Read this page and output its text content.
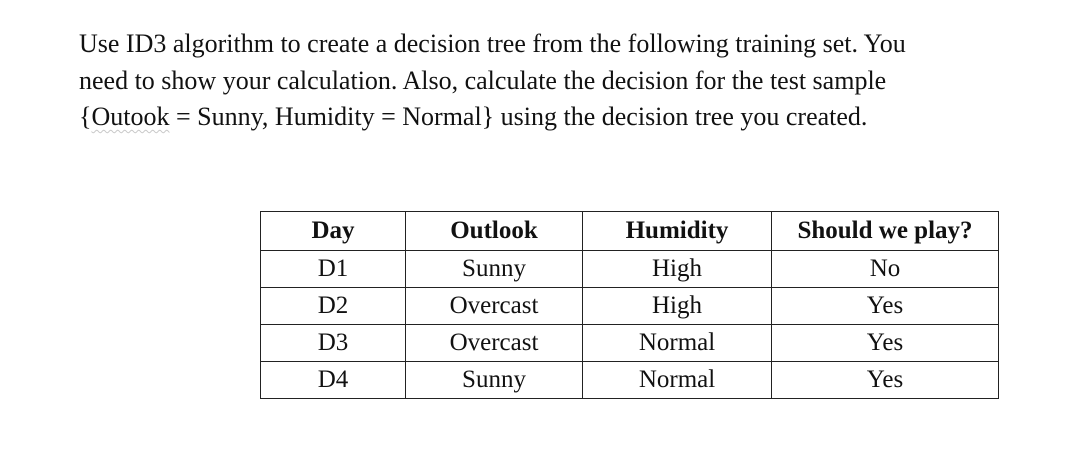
Use ID3 algorithm to create a decision tree from the following training set. You
need to show your calculation. Also, calculate the decision for the test sample
{Outook = Sunny, Humidity = Normal} using the decision tree you created.
Day	Outlook	Humidity	Should we play?
D1	Sunny	High	No
D2	Overcast	High	Yes
D3	Overcast	Normal	Yes
D4	Sunny	Normal	Yes
